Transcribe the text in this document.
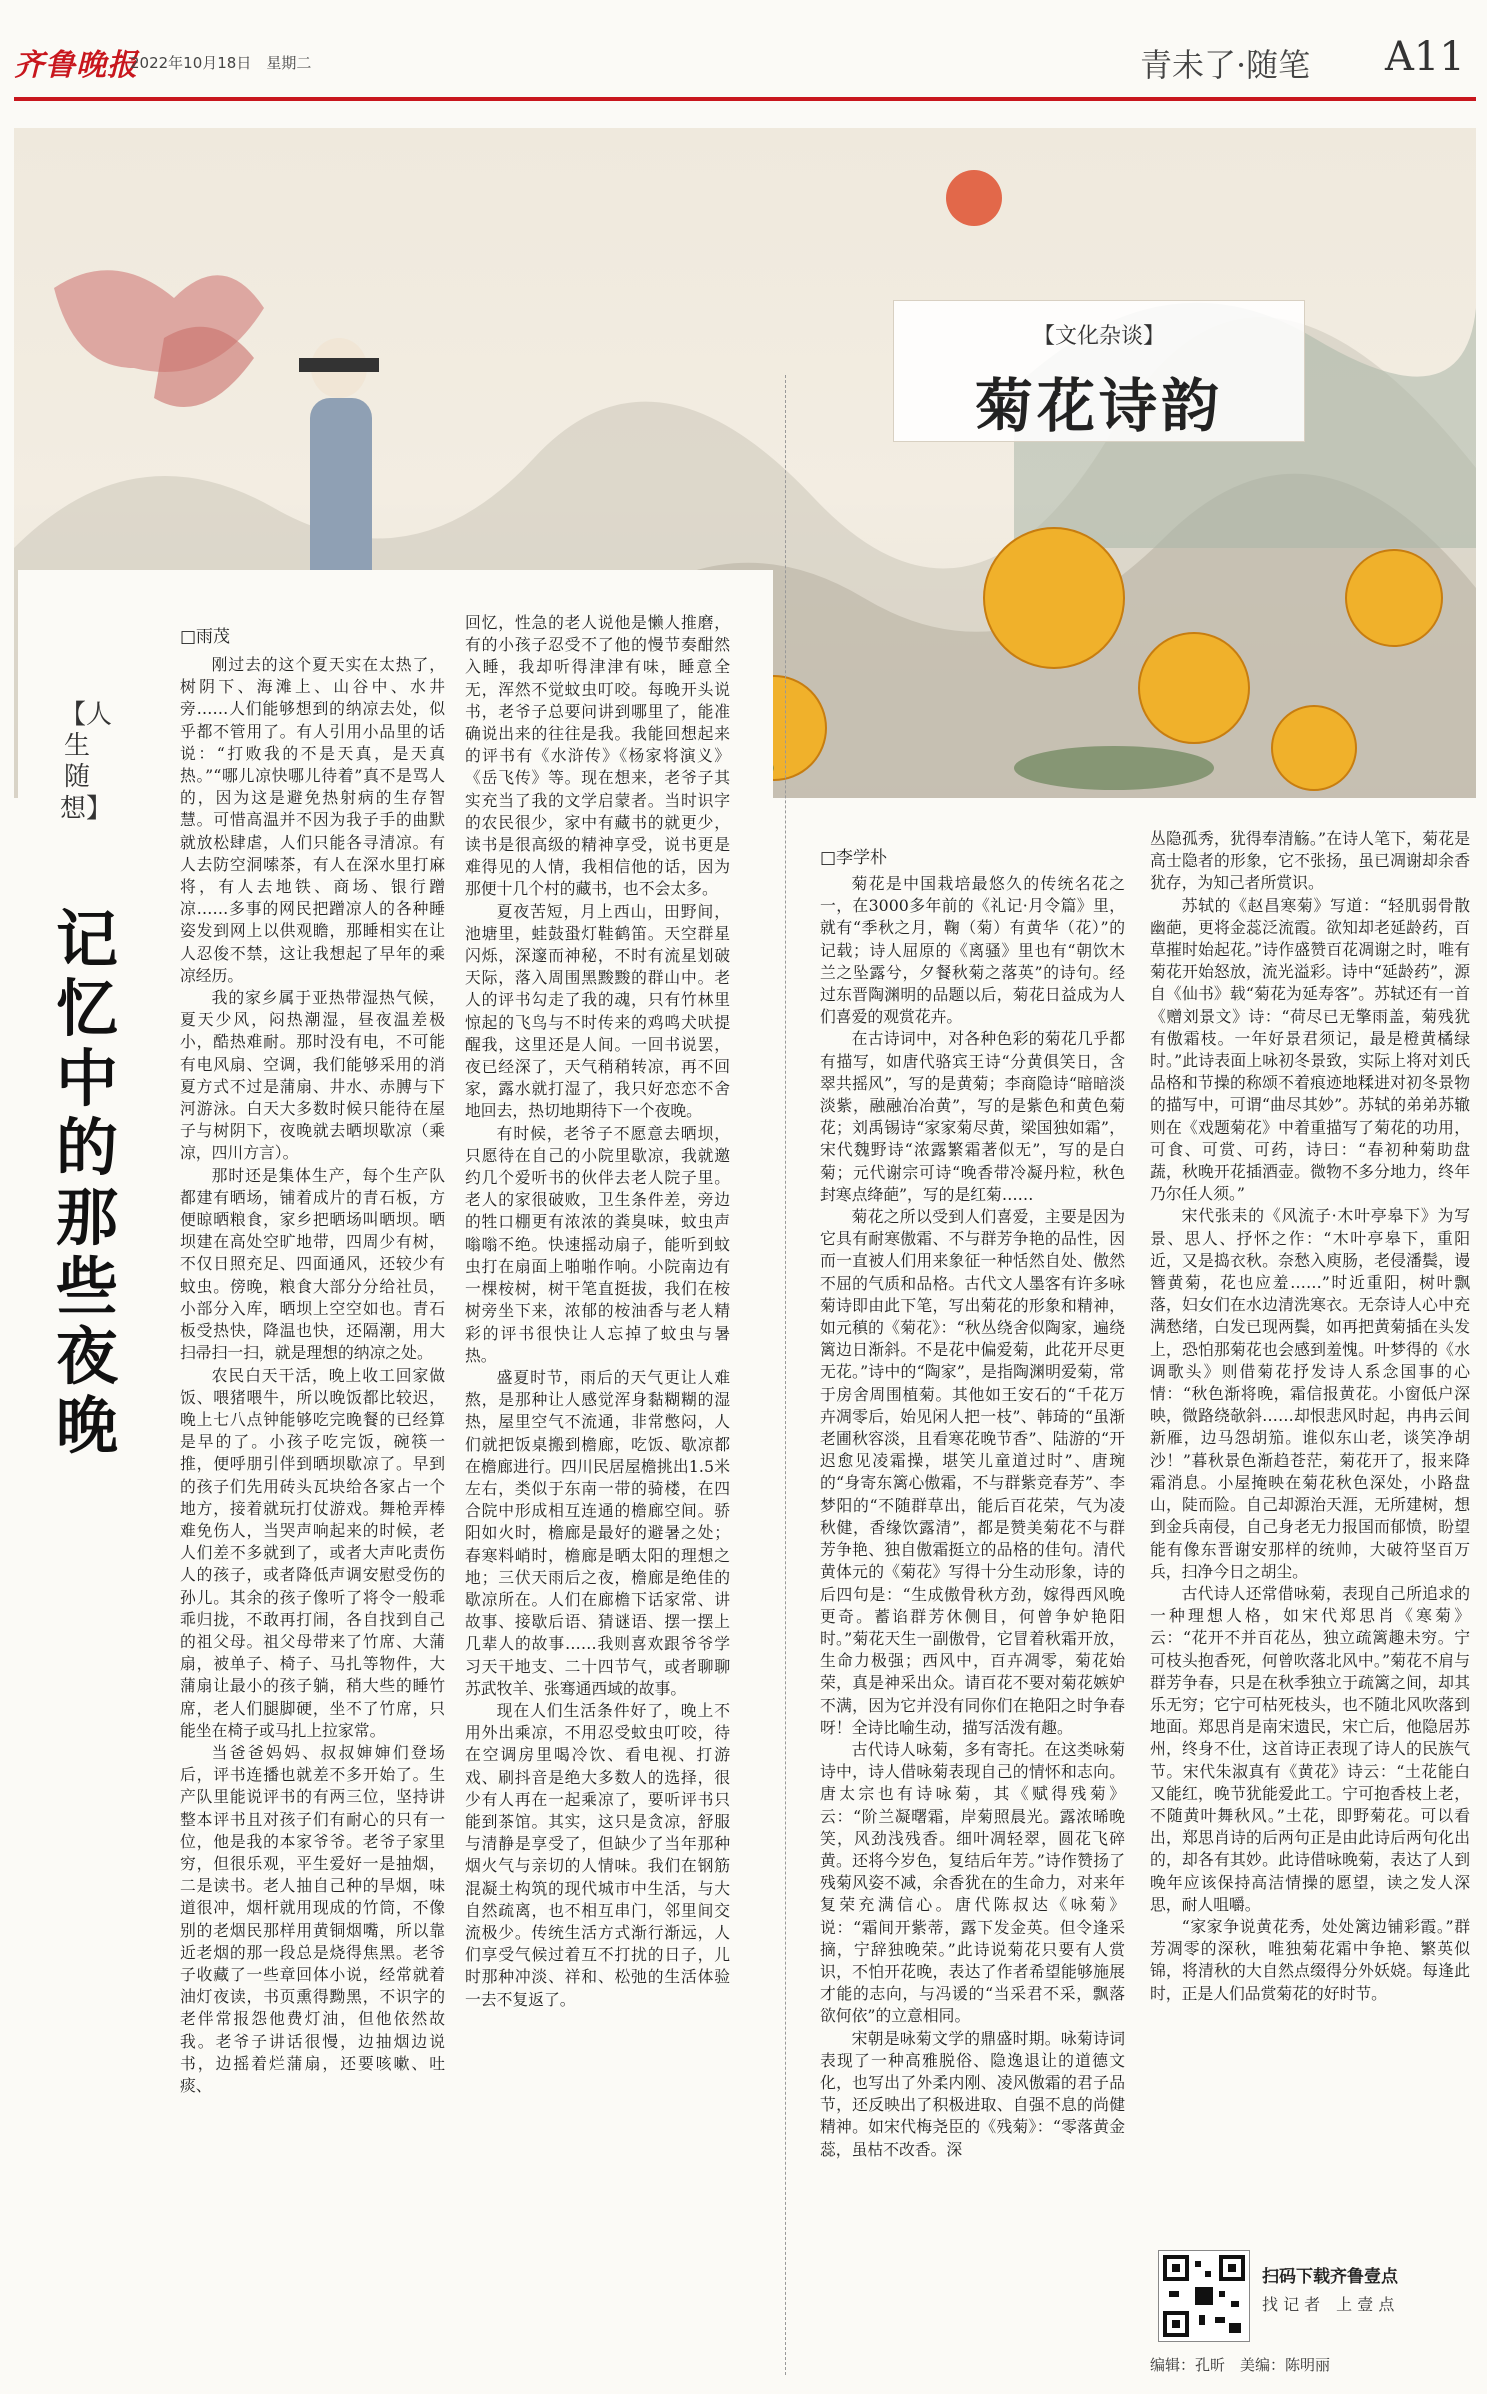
齐鲁晚报
2022年10月18日　星期二	青未了·随笔 A11
【文化杂谈】
菊花诗韵
【人生随想】
记忆中的那些夜晚
□雨茂
□李学朴

刚过去的这个夏天实在太热了，树阴下、海滩上、山谷中、水井旁……人们能够想到的纳凉去处，似乎都不管用了。有人引用小品里的话说：“打败我的不是天真，是天真热。”“哪儿凉快哪儿待着”真不是骂人的，因为这是避免热射病的生存智慧。可惜高温并不因为我子手的曲默就放松肆虐，人们只能各寻清凉。有人去防空洞嗦茶，有人在深水里打麻将，有人去地铁、商场、银行蹭凉……多事的网民把蹭凉人的各种睡姿发到网上以供观瞻，那睡相实在让人忍俊不禁，这让我想起了早年的乘凉经历。

我的家乡属于亚热带湿热气候，夏天少风，闷热潮湿，昼夜温差极小，酷热难耐。那时没有电，不可能有电风扇、空调，我们能够采用的消夏方式不过是蒲扇、井水、赤膊与下河游泳。白天大多数时候只能待在屋子与树阴下，夜晚就去晒坝歇凉（乘凉，四川方言）。

那时还是集体生产，每个生产队都建有晒场，铺着成片的青石板，方便晾晒粮食，家乡把晒场叫晒坝。晒坝建在高处空旷地带，四周少有树，不仅日照充足、四面通风，还较少有蚊虫。傍晚，粮食大部分分给社员，小部分入库，晒坝上空空如也。青石板受热快，降温也快，还隔潮，用大扫帚扫一扫，就是理想的纳凉之处。

农民白天干活，晚上收工回家做饭、喂猪喂牛，所以晚饭都比较迟，晚上七八点钟能够吃完晚餐的已经算是早的了。小孩子吃完饭，碗筷一推，便呼朋引伴到晒坝歇凉了。早到的孩子们先用砖头瓦块给各家占一个地方，接着就玩打仗游戏。舞枪弄棒难免伤人，当哭声响起来的时候，老人们差不多就到了，或者大声叱责伤人的孩子，或者降低声调安慰受伤的孙儿。其余的孩子像听了将令一般乖乖归拢，不敢再打闹，各自找到自己的祖父母。祖父母带来了竹席、大蒲扇，被单子、椅子、马扎等物件，大蒲扇让最小的孩子躺，稍大些的睡竹席，老人们腿脚硬，坐不了竹席，只能坐在椅子或马扎上拉家常。

当爸爸妈妈、叔叔婶婶们登场后，评书连播也就差不多开始了。生产队里能说评书的有两三位，坚持讲整本评书且对孩子们有耐心的只有一位，他是我的本家爷爷。老爷子家里穷，但很乐观，平生爱好一是抽烟，二是读书。老人抽自己种的旱烟，味道很冲，烟杆就用现成的竹筒，不像别的老烟民那样用黄铜烟嘴，所以靠近老烟的那一段总是烧得焦黑。老爷子收藏了一些章回体小说，经常就着油灯夜读，书页熏得黝黑，不识字的老伴常报怨他费灯油，但他依然故我。老爷子讲话很慢，边抽烟边说书，边摇着烂蒲扇，还要咳嗽、吐痰、

回忆，性急的老人说他是懒人推磨，有的小孩子忍受不了他的慢节奏酣然入睡，我却听得津津有味，睡意全无，浑然不觉蚊虫叮咬。每晚开头说书，老爷子总要问讲到哪里了，能准确说出来的往往是我。我能回想起来的评书有《水浒传》《杨家将演义》《岳飞传》等。现在想来，老爷子其实充当了我的文学启蒙者。当时识字的农民很少，家中有藏书的就更少，读书是很高级的精神享受，说书更是难得见的人情，我相信他的话，因为那便十几个村的藏书，也不会太多。

夏夜苦短，月上西山，田野间，池塘里，蛙鼓蛩灯鞋鹤笛。天空群星闪烁，深邃而神秘，不时有流星划破天际，落入周围黑黢黢的群山中。老人的评书勾走了我的魂，只有竹林里惊起的飞鸟与不时传来的鸡鸣犬吠提醒我，这里还是人间。一回书说罢，夜已经深了，天气稍稍转凉，再不回家，露水就打湿了，我只好恋恋不舍地回去，热切地期待下一个夜晚。

有时候，老爷子不愿意去晒坝，只愿待在自己的小院里歇凉，我就邀约几个爱听书的伙伴去老人院子里。老人的家很破败，卫生条件差，旁边的牲口棚更有浓浓的粪臭味，蚊虫声嗡嗡不绝。快速摇动扇子，能听到蚊虫打在扇面上啪啪作响。小院南边有一棵桉树，树干笔直挺拔，我们在桉树旁坐下来，浓郁的桉油香与老人精彩的评书很快让人忘掉了蚊虫与暑热。

盛夏时节，雨后的天气更让人难熬，是那种让人感觉浑身黏糊糊的湿热，屋里空气不流通，非常憋闷，人们就把饭桌搬到檐廊，吃饭、歇凉都在檐廊进行。四川民居屋檐挑出1.5米左右，类似于东南一带的骑楼，在四合院中形成相互连通的檐廊空间。骄阳如火时，檐廊是最好的避暑之处；春寒料峭时，檐廊是晒太阳的理想之地；三伏天雨后之夜，檐廊是绝佳的歇凉所在。人们在廊檐下话家常、讲故事、接歇后语、猜谜语、摆一摆上几辈人的故事……我则喜欢跟爷爷学习天干地支、二十四节气，或者聊聊苏武牧羊、张骞通西域的故事。

现在人们生活条件好了，晚上不用外出乘凉，不用忍受蚊虫叮咬，待在空调房里喝冷饮、看电视、打游戏、刷抖音是绝大多数人的选择，很少有人再在一起乘凉了，要听评书只能到茶馆。其实，这只是贪凉，舒服与清静是享受了，但缺少了当年那种烟火气与亲切的人情味。我们在钢筋混凝土构筑的现代城市中生活，与大自然疏离，也不相互串门，邻里间交流极少。传统生活方式渐行渐远，人们享受气候过着互不打扰的日子，儿时那种冲淡、祥和、松弛的生活体验一去不复返了。

菊花是中国栽培最悠久的传统名花之一，在3000多年前的《礼记·月令篇》里，就有“季秋之月，鞠（菊）有黄华（花）”的记载；诗人屈原的《离骚》里也有“朝饮木兰之坠露兮，夕餐秋菊之落英”的诗句。经过东晋陶渊明的品题以后，菊花日益成为人们喜爱的观赏花卉。

在古诗词中，对各种色彩的菊花几乎都有描写，如唐代骆宾王诗“分黄俱笑日，含翠共摇风”，写的是黄菊；李商隐诗“暗暗淡淡紫，融融冶冶黄”，写的是紫色和黄色菊花；刘禹锡诗“家家菊尽黄，梁国独如霜”，宋代魏野诗“浓露繁霜著似无”，写的是白菊；元代谢宗可诗“晚香带冷凝丹粒，秋色封寒点绛葩”，写的是红菊……

菊花之所以受到人们喜爱，主要是因为它具有耐寒傲霜、不与群芳争艳的品性，因而一直被人们用来象征一种恬然自处、傲然不屈的气质和品格。古代文人墨客有许多咏菊诗即由此下笔，写出菊花的形象和精神，如元稹的《菊花》：“秋丛绕舍似陶家，遍绕篱边日渐斜。不是花中偏爱菊，此花开尽更无花。”诗中的“陶家”，是指陶渊明爱菊，常于房舍周围植菊。其他如王安石的“千花万卉凋零后，始见闲人把一枝”、韩琦的“虽渐老圃秋容淡，且看寒花晚节香”、陆游的“开迟愈见凌霜操，堪笑儿童道过时”、唐琬的“身寄东篱心傲霜，不与群紫竞春芳”、李梦阳的“不随群草出，能后百花荣，气为凌秋健，香缘饮露清”，都是赞美菊花不与群芳争艳、独自傲霜挺立的品格的佳句。清代黄体元的《菊花》写得十分生动形象，诗的后四句是：“生成傲骨秋方劲，嫁得西风晚更奇。蓄谄群芳休侧目，何曾争妒艳阳时。”菊花天生一副傲骨，它冒着秋霜开放，生命力极强；西风中，百卉凋零，菊花始荣，真是神采出众。请百花不要对菊花嫉妒不满，因为它并没有同你们在艳阳之时争春呀！全诗比喻生动，描写活泼有趣。

古代诗人咏菊，多有寄托。在这类咏菊诗中，诗人借咏菊表现自己的情怀和志向。唐太宗也有诗咏菊，其《赋得残菊》云：“阶兰凝曙霜，岸菊照晨光。露浓晞晚笑，风劲浅残香。细叶凋轻翠，圆花飞碎黄。还将今岁色，复结后年芳。”诗作赞扬了残菊风姿不减，余香犹在的生命力，对来年复荣充满信心。唐代陈叔达《咏菊》说：“霜间开紫蒂，露下发金英。但令逢采摘，宁辞独晚荣。”此诗说菊花只要有人赏识，不怕开花晚，表达了作者希望能够施展才能的志向，与冯谖的“当采君不采，飘落欲何依”的立意相同。

宋朝是咏菊文学的鼎盛时期。咏菊诗词表现了一种高雅脱俗、隐逸退让的道德文化，也写出了外柔内刚、凌风傲霜的君子品节，还反映出了积极进取、自强不息的尚健精神。如宋代梅尧臣的《残菊》：“零落黄金蕊，虽枯不改香。深

丛隐孤秀，犹得奉清觞。”在诗人笔下，菊花是高士隐者的形象，它不张扬，虽已凋谢却余香犹存，为知己者所赏识。

苏轼的《赵昌寒菊》写道：“轻肌弱骨散幽葩，更将金蕊泛流霞。欲知却老延龄药，百草摧时始起花。”诗作盛赞百花凋谢之时，唯有菊花开始怒放，流光溢彩。诗中“延龄药”，源自《仙书》载“菊花为延寿客”。苏轼还有一首《赠刘景文》诗：“荷尽已无擎雨盖，菊残犹有傲霜枝。一年好景君须记，最是橙黄橘绿时。”此诗表面上咏初冬景致，实际上将对刘氏品格和节操的称颂不着痕迹地糅进对初冬景物的描写中，可谓“曲尽其妙”。苏轼的弟弟苏辙则在《戏题菊花》中着重描写了菊花的功用，可食、可赏、可药，诗曰：“春初种菊助盘蔬，秋晚开花插酒壶。微物不多分地力，终年乃尔任人须。”

宋代张耒的《风流子·木叶亭皋下》为写景、思人、抒怀之作：“木叶亭皋下，重阳近，又是捣衣秋。奈愁入庾肠，老侵潘鬓，谩簪黄菊，花也应羞……”时近重阳，树叶飘落，妇女们在水边清洗寒衣。无奈诗人心中充满愁绪，白发已现两鬓，如再把黄菊插在头发上，恐怕那菊花也会感到羞愧。叶梦得的《水调歌头》则借菊花抒发诗人系念国事的心情：“秋色渐将晚，霜信报黄花。小窗低户深映，微路绕欹斜……却恨悲风时起，冉冉云间新雁，边马怨胡笳。谁似东山老，谈笑净胡沙！”暮秋景色渐趋苍茫，菊花开了，报来降霜消息。小屋掩映在菊花秋色深处，小路盘山，陡而险。自己却源治天涯，无所建树，想到金兵南侵，自己身老无力报国而郁愤，盼望能有像东晋谢安那样的统帅，大破符坚百万兵，扫净今日之胡尘。

古代诗人还常借咏菊，表现自己所追求的一种理想人格，如宋代郑思肖《寒菊》云：“花开不并百花丛，独立疏篱趣未穷。宁可枝头抱香死，何曾吹落北风中。”菊花不肩与群芳争春，只是在秋季独立于疏篱之间，却其乐无穷；它宁可枯死枝头，也不随北风吹落到地面。郑思肖是南宋遗民，宋亡后，他隐居苏州，终身不仕，这首诗正表现了诗人的民族气节。宋代朱淑真有《黄花》诗云：“土花能白又能红，晚节犹能爱此工。宁可抱香枝上老，不随黄叶舞秋风。”土花，即野菊花。可以看出，郑思肖诗的后两句正是由此诗后两句化出的，却各有其妙。此诗借咏晚菊，表达了人到晚年应该保持高洁情操的愿望，读之发人深思，耐人咀嚼。

“家家争说黄花秀，处处篱边铺彩霞。”群芳凋零的深秋，唯独菊花霜中争艳、繁英似锦，将清秋的大自然点缀得分外妖娆。每逢此时，正是人们品赏菊花的好时节。

扫码下载齐鲁壹点
找 记 者　上 壹 点
编辑：孔昕　美编：陈明丽
